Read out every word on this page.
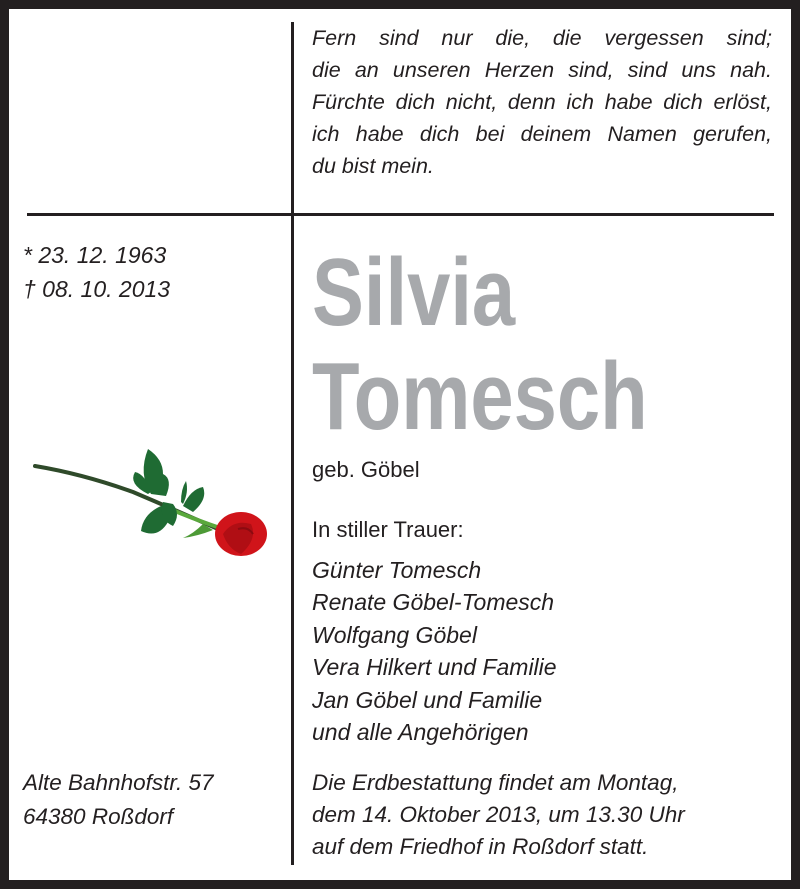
Fern sind nur die, die vergessen sind;
die an unseren Herzen sind, sind uns nah.
Fürchte dich nicht, denn ich habe dich erlöst,
ich habe dich bei deinem Namen gerufen,
du bist mein.
* 23. 12. 1963
† 08. 10. 2013 Silvia
Tomesch
geb. Göbel
In stiller Trauer:
Günter Tomesch
Renate Göbel-Tomesch
Wolfgang Göbel
Vera Hilkert und Familie
Jan Göbel und Familie
und alle Angehörigen
Alte Bahnhofstr. 57
64380 Roßdorf
Die Erdbestattung findet am Montag,
dem 14. Oktober 2013, um 13.30 Uhr
auf dem Friedhof in Roßdorf statt.
